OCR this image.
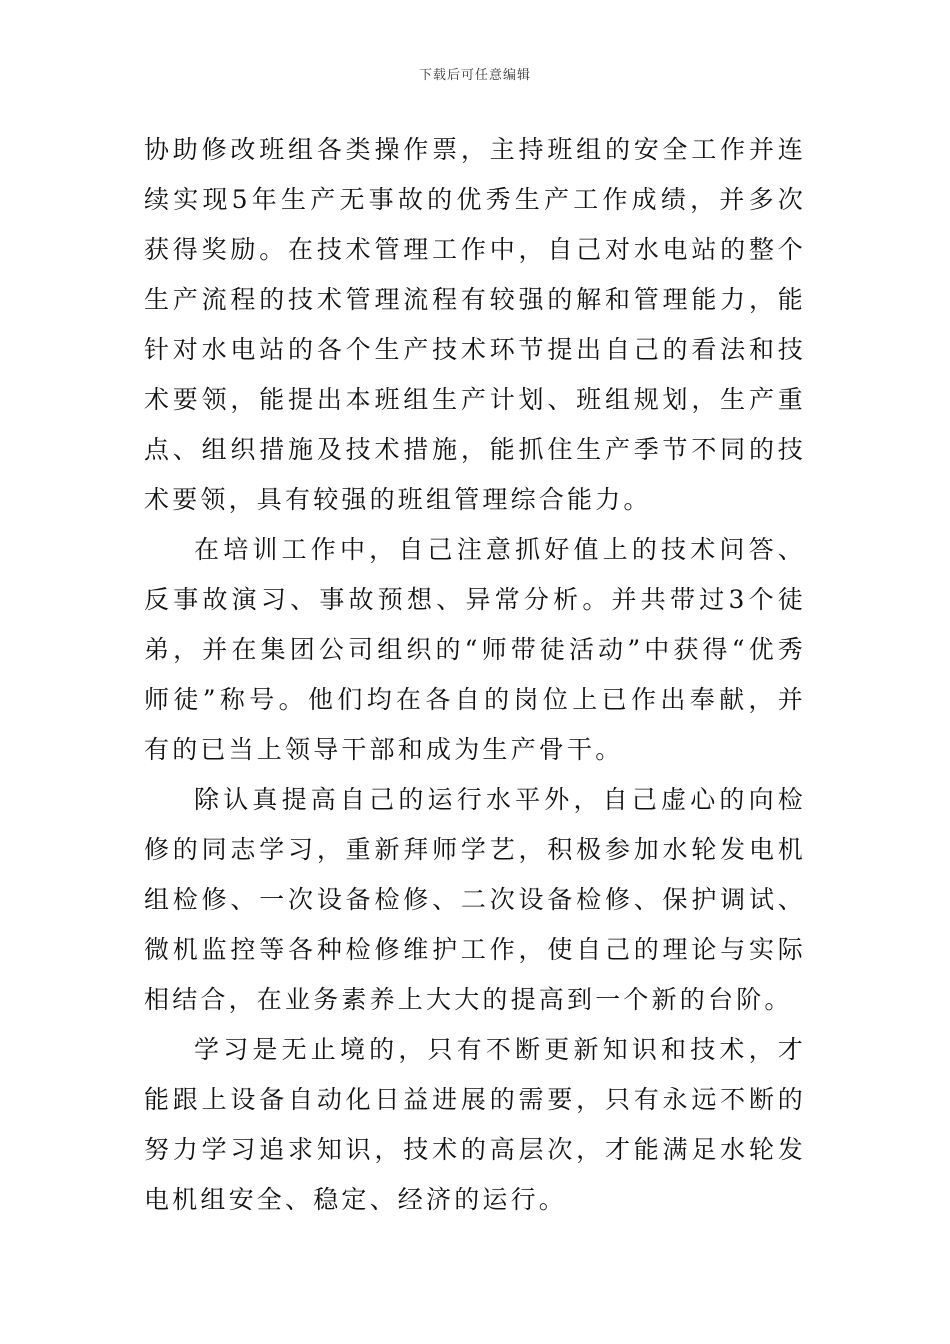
下载后可任意编辑

协助修改班组各类操作票，主持班组的安全工作并连续实现5年生产无事故的优秀生产工作成绩，并多次获得奖励。在技术管理工作中，自己对水电站的整个生产流程的技术管理流程有较强的解和管理能力，能针对水电站的各个生产技术环节提出自己的看法和技术要领，能提出本班组生产计划、班组规划，生产重点、组织措施及技术措施，能抓住生产季节不同的技术要领，具有较强的班组管理综合能力。

在培训工作中，自己注意抓好值上的技术问答、反事故演习、事故预想、异常分析。并共带过3个徒弟，并在集团公司组织的“师带徒活动”中获得“优秀师徒”称号。他们均在各自的岗位上已作出奉献，并有的已当上领导干部和成为生产骨干。

除认真提高自己的运行水平外，自己虚心的向检修的同志学习，重新拜师学艺，积极参加水轮发电机组检修、一次设备检修、二次设备检修、保护调试、微机监控等各种检修维护工作，使自己的理论与实际相结合，在业务素养上大大的提高到一个新的台阶。

学习是无止境的，只有不断更新知识和技术，才能跟上设备自动化日益进展的需要，只有永远不断的努力学习追求知识，技术的高层次，才能满足水轮发电机组安全、稳定、经济的运行。
